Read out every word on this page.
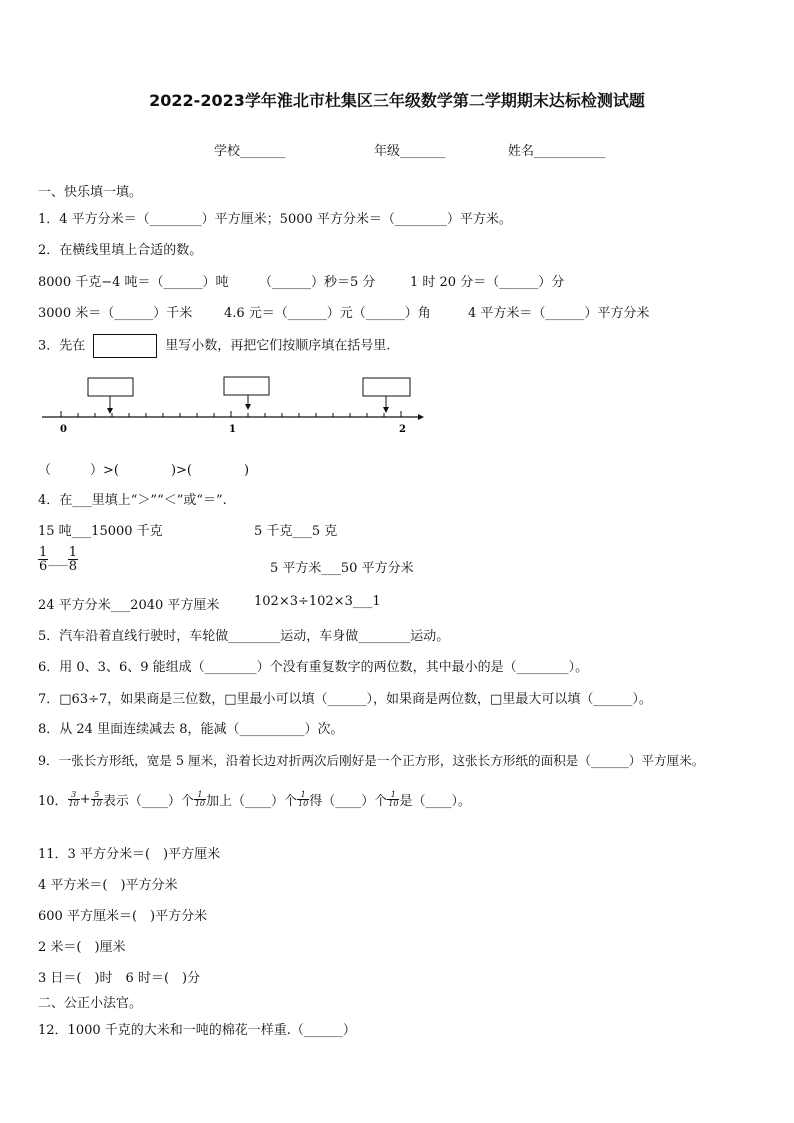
2022-2023学年淮北市杜集区三年级数学第二学期期末达标检测试题
学校_______	年级_______	姓名___________
一、快乐填一填。
1．4 平方分米＝（________）平方厘米；5000 平方分米＝（________）平方米。
2．在横线里填上合适的数。
8000 千克−4 吨＝（______）吨 （______）秒＝5 分	1 时 20 分＝（______）分
3000 米＝（______）千米 4.6 元＝（______）元（______）角	4 平方米＝（______）平方分米
3．先在	里写小数，再把它们按顺序填在括号里.
0	1	2
（　　　）>(　　　　)>(　　　　)
4．在___里填上“＞”“＜”或“＝”.
15 吨___15000 千克	5 千克___5 克
$\frac{1}{6}$ ___ $\frac{1}{8}$	5 平方米___50 平方分米
24 平方分米___2040 平方厘米	102×3÷102×3___1
5．汽车沿着直线行驶时，车轮做________运动，车身做________运动。
6．用 0、3、6、9 能组成（________）个没有重复数字的两位数，其中最小的是（________）。
7．□63÷7，如果商是三位数，□里最小可以填（______），如果商是两位数，□里最大可以填（______）。
8．从 24 里面连续减去 8，能减（__________）次。
9．一张长方形纸，宽是 5 厘米，沿着长边对折两次后刚好是一个正方形，这张长方形纸的面积是（______）平方厘米。
10． $\frac{3}{10} + \frac{5}{10}$ 表示（____）个 $\frac{1}{10}$ 加上（____）个 $\frac{1}{10}$ 得（____）个 $\frac{1}{10}$ 是（____）。
11．3 平方分米＝(　)平方厘米
4 平方米＝(　)平方分米
600 平方厘米＝(　)平方分米
2 米＝(　)厘米
3 日＝(　)时　6 时＝(　)分
二、公正小法官。
12．1000 千克的大米和一吨的棉花一样重.（______）
